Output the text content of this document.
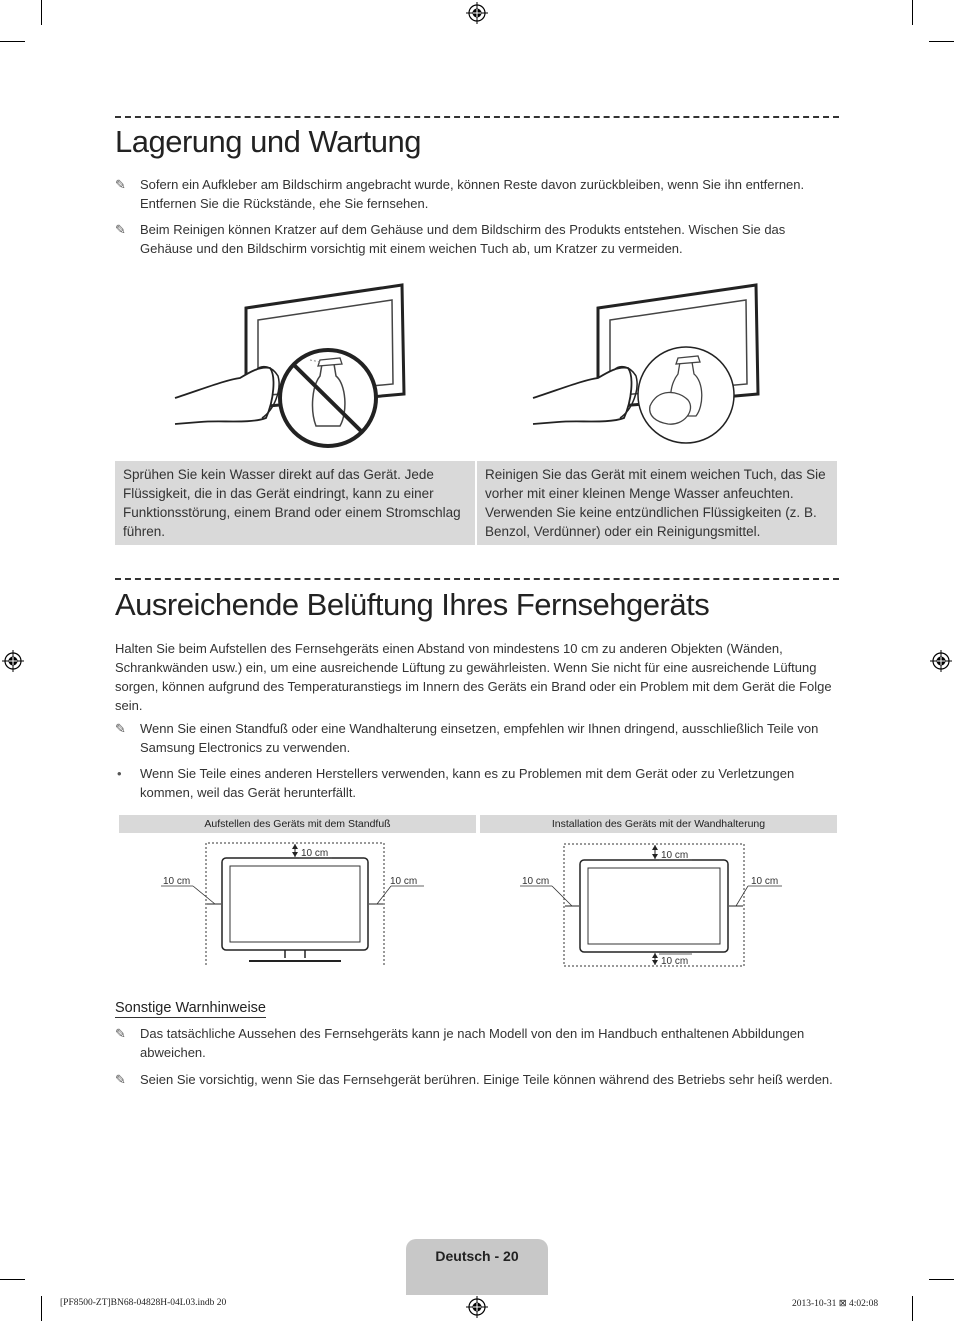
Lagerung und Wartung
✎	Sofern ein Aufkleber am Bildschirm angebracht wurde, können Reste davon zurückbleiben, wenn Sie ihn entfernen. Entfernen Sie die Rückstände, ehe Sie fernsehen.
✎	Beim Reinigen können Kratzer auf dem Gehäuse und dem Bildschirm des Produkts entstehen. Wischen Sie das Gehäuse und den Bildschirm vorsichtig mit einem weichen Tuch ab, um Kratzer zu vermeiden.
Sprühen Sie kein Wasser direkt auf das Gerät. Jede Flüssigkeit, die in das Gerät eindringt, kann zu einer Funktionsstörung, einem Brand oder einem Stromschlag führen.
Reinigen Sie das Gerät mit einem weichen Tuch, das Sie vorher mit einer kleinen Menge Wasser anfeuchten. Verwenden Sie keine entzündlichen Flüssigkeiten (z. B. Benzol, Verdünner) oder ein Reinigungsmittel.
Ausreichende Belüftung Ihres Fernsehgeräts
Halten Sie beim Aufstellen des Fernsehgeräts einen Abstand von mindestens 10 cm zu anderen Objekten (Wänden, Schrankwänden usw.) ein, um eine ausreichende Lüftung zu gewährleisten. Wenn Sie nicht für eine ausreichende Lüftung sorgen, können aufgrund des Temperaturanstiegs im Innern des Geräts ein Brand oder ein Problem mit dem Gerät die Folge sein.
✎	Wenn Sie einen Standfuß oder eine Wandhalterung einsetzen, empfehlen wir Ihnen dringend, ausschließlich Teile von Samsung Electronics zu verwenden.
•	Wenn Sie Teile eines anderen Herstellers verwenden, kann es zu Problemen mit dem Gerät oder zu Verletzungen kommen, weil das Gerät herunterfällt.
Aufstellen des Geräts mit dem Standfuß	Installation des Geräts mit der Wandhalterung
10 cm
10 cm	10 cm
10 cm
10 cm
10 cm	10 cm
Sonstige Warnhinweise
✎	Das tatsächliche Aussehen des Fernsehgeräts kann je nach Modell von den im Handbuch enthaltenen Abbildungen abweichen.
✎	Seien Sie vorsichtig, wenn Sie das Fernsehgerät berühren. Einige Teile können während des Betriebs sehr heiß werden.
Deutsch - 20
[PF8500-ZT]BN68-04828H-04L03.indb 20	2013-10-31 ⊠ 4:02:08
